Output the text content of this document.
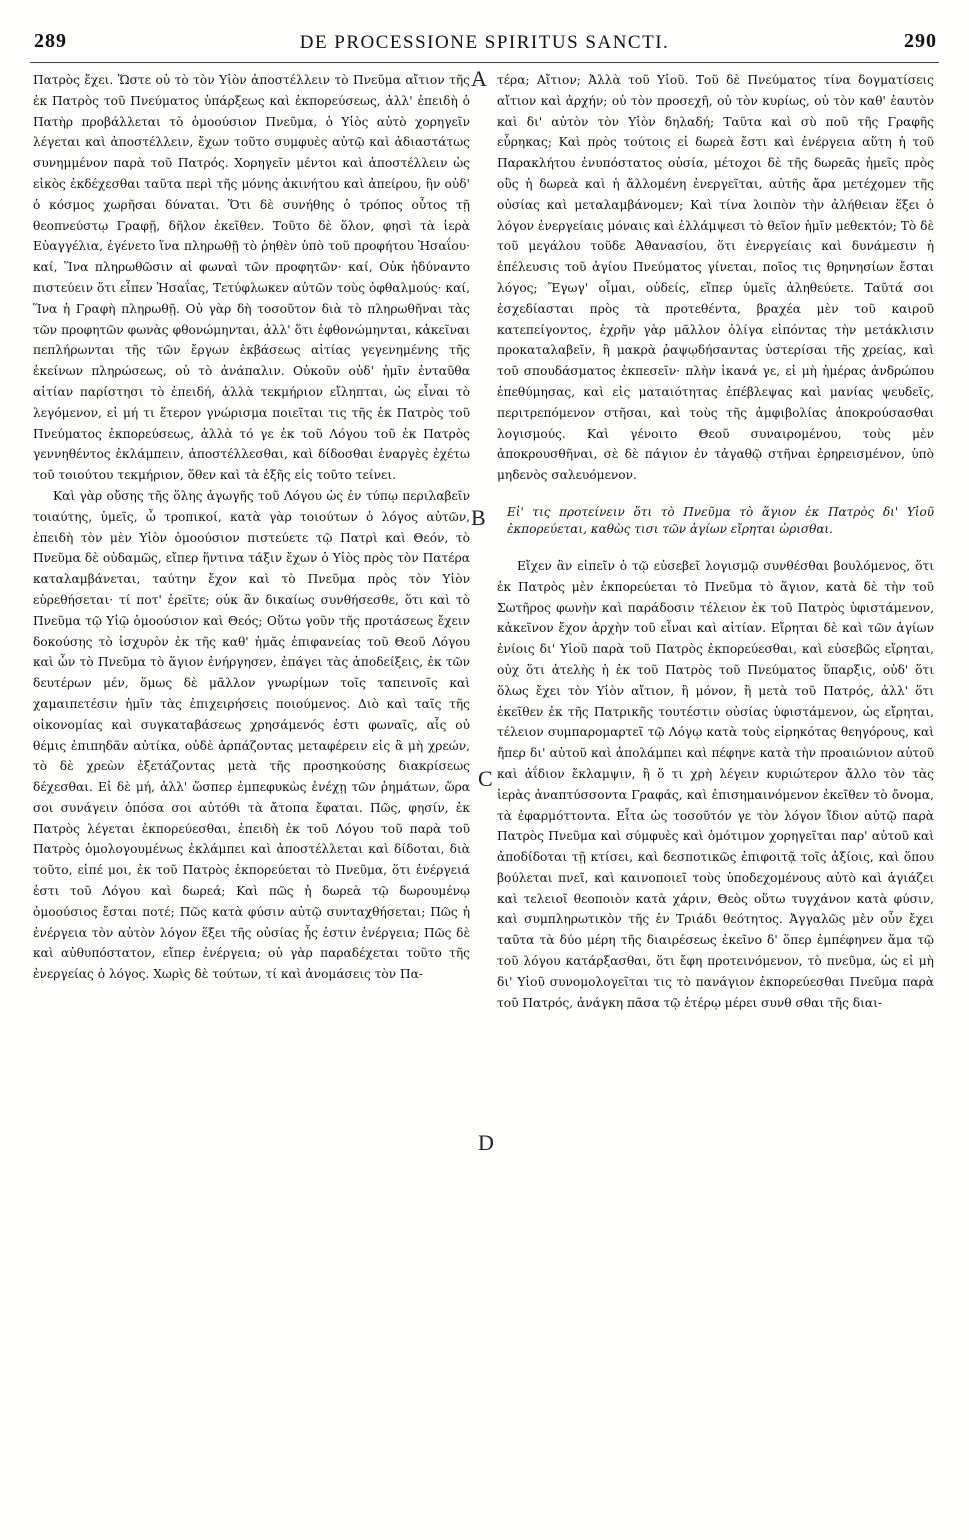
289	DE PROCESSIONE SPIRITUS SANCTI.	290
A
B
C
D

Πατρὸς ἔχει. Ὥστε οὐ τὸ τὸν Υἱὸν ἀποστέλλειν τὸ Πνεῦμα αἴτιον τῆς ἐκ Πατρὸς τοῦ Πνεύματος ὑπάρξεως καὶ ἐκπορεύσεως, ἀλλ' ἐπειδὴ ὁ Πατὴρ προβάλλεται τὸ ὁμοούσιον Πνεῦμα, ὁ Υἱὸς αὐτὸ χορηγεῖν λέγεται καὶ ἀποστέλλειν, ἔχων τοῦτο συμφυὲς αὐτῷ καὶ ἀδιαστάτως συνημμένον παρὰ τοῦ Πατρός. Χορηγεῖν μέντοι καὶ ἀποστέλλειν ὡς εἰκὸς ἐκδέχεσθαι ταῦτα περὶ τῆς μόνης ἀκινήτου καὶ ἀπείρου, ἣν οὐδ' ὁ κόσμος χωρῆσαι δύναται. Ὅτι δὲ συνήθης ὁ τρόπος οὗτος τῇ θεοπνεύστῳ Γραφῇ, δῆλον ἐκεῖθεν. Τοῦτο δὲ ὅλον, φησὶ τὰ ἱερὰ Εὐαγγέλια, ἐγένετο ἵνα πληρωθῇ τὸ ῥηθὲν ὑπὸ τοῦ προφήτου Ἡσαΐου· καί, Ἵνα πληρωθῶσιν αἱ φωναὶ τῶν προφητῶν· καί, Οὐκ ἠδύναντο πιστεύειν ὅτι εἶπεν Ἡσαΐας, Τετύφλωκεν αὐτῶν τοὺς ὀφθαλμούς· καί, Ἵνα ἡ Γραφὴ πληρωθῇ. Οὐ γὰρ δὴ τοσοῦτον διὰ τὸ πληρωθῆναι τὰς τῶν προφητῶν φωνὰς φθονώμηνται, ἀλλ' ὅτι ἐφθονώμηνται, κἀκεῖναι πεπλήρωνται τῆς τῶν ἔργων ἐκβάσεως αἰτίας γεγενημένης τῆς ἐκείνων πληρώσεως, οὐ τὸ ἀνάπαλιν. Οὐκοῦν οὐδ' ἡμῖν ἐνταῦθα αἰτίαν παρίστησι τὸ ἐπειδή, ἀλλὰ τεκμήριον εἴληπται, ὡς εἶναι τὸ λεγόμενον, εἰ μή τι ἕτερον γνώρισμα ποιεῖται τις τῆς ἐκ Πατρὸς τοῦ Πνεύματος ἐκπορεύσεως, ἀλλὰ τό γε ἐκ τοῦ Λόγου τοῦ ἐκ Πατρὸς γεννηθέντος ἐκλάμπειν, ἀποστέλλεσθαι, καὶ δίδοσθαι ἐναργὲς ἐχέτω τοῦ τοιούτου τεκμήριον, ὅθεν καὶ τὰ ἑξῆς εἰς τοῦτο τείνει.

Καὶ γὰρ οὔσης τῆς ὅλης ἀγωγῆς τοῦ Λόγου ὡς ἐν τύπῳ περιλαβεῖν τοιαύτης, ὑμεῖς, ὦ τροπικοί, κατὰ γὰρ τοιούτων ὁ λόγος αὐτῶν, ἐπειδὴ τὸν μὲν Υἱὸν ὁμοούσιον πιστεύετε τῷ Πατρὶ καὶ Θεόν, τὸ Πνεῦμα δὲ οὐδαμῶς, εἴπερ ἥντινα τάξιν ἔχων ὁ Υἱὸς πρὸς τὸν Πατέρα καταλαμβάνεται, ταύτην ἔχον καὶ τὸ Πνεῦμα πρὸς τὸν Υἱὸν εὑρεθήσεται· τί ποτ' ἐρεῖτε; οὐκ ἂν δικαίως συνθήσεσθε, ὅτι καὶ τὸ Πνεῦμα τῷ Υἱῷ ὁμοούσιον καὶ Θεός; Οὕτω γοῦν τῆς προτάσεως ἔχειν δοκούσης τὸ ἰσχυρὸν ἐκ τῆς καθ' ἡμᾶς ἐπιφανείας τοῦ Θεοῦ Λόγου καὶ ὧν τὸ Πνεῦμα τὸ ἅγιον ἐνήργησεν, ἐπάγει τὰς ἀποδείξεις, ἐκ τῶν δευτέρων μέν, ὅμως δὲ μᾶλλον γνωρίμων τοῖς ταπεινοῖς καὶ χαμαιπετέσιν ἡμῖν τὰς ἐπιχειρήσεις ποιούμενος. Διὸ καὶ ταῖς τῆς οἰκονομίας καὶ συγκαταβάσεως χρησάμενός ἐστι φωναῖς, αἷς οὐ θέμις ἐπιπηδᾶν αὐτίκα, οὐδὲ ἁρπάζοντας μεταφέρειν εἰς ἃ μὴ χρεών, τὸ δὲ χρεὼν ἐξετάζοντας μετὰ τῆς προσηκούσης διακρίσεως δέχεσθαι. Εἰ δὲ μή, ἀλλ' ὥσπερ ἐμπεφυκὼς ἐνέχῃ τῶν ῥημάτων, ὥρα σοι συνάγειν ὁπόσα σοι αὐτόθι τὰ ἄτοπα ἔφαται. Πῶς, φησίν, ἐκ Πατρὸς λέγεται ἐκπορεύεσθαι, ἐπειδὴ ἐκ τοῦ Λόγου τοῦ παρὰ τοῦ Πατρὸς ὁμολογουμένως ἐκλάμπει καὶ ἀποστέλλεται καὶ δίδοται, διὰ τοῦτο, εἰπέ μοι, ἐκ τοῦ Πατρὸς ἐκπορεύεται τὸ Πνεῦμα, ὅτι ἐνέργειά ἐστι τοῦ Λόγου καὶ δωρεά; Καὶ πῶς ἡ δωρεὰ τῷ δωρουμένῳ ὁμοούσιος ἔσται ποτέ; Πῶς κατὰ φύσιν αὐτῷ συνταχθήσεται; Πῶς ἡ ἐνέργεια τὸν αὐτὸν λόγον ἕξει τῆς οὐσίας ἧς ἐστιν ἐνέργεια; Πῶς δὲ καὶ αὐθυπόστατον, εἴπερ ἐνέργεια; οὐ γὰρ παραδέχεται τοῦτο τῆς ἐνεργείας ὁ λόγος. Χωρὶς δὲ τούτων, τί καὶ ἀνομάσεις τὸν Πα-

τέρα; Αἴτιον; Ἀλλὰ τοῦ Υἱοῦ. Τοῦ δὲ Πνεύματος τίνα δογματίσεις αἴτιον καὶ ἀρχήν; οὐ τὸν προσεχῆ, οὐ τὸν κυρίως, οὐ τὸν καθ' ἑαυτὸν καὶ δι' αὐτὸν τὸν Υἱὸν δηλαδή; Ταῦτα καὶ σὺ ποῦ τῆς Γραφῆς εὗρηκας; Καὶ πρὸς τούτοις εἰ δωρεὰ ἔστι καὶ ἐνέργεια αὕτη ἡ τοῦ Παρακλήτου ἐνυπόστατος οὐσία, μέτοχοι δὲ τῆς δωρεᾶς ἡμεῖς πρὸς οὓς ἡ δωρεὰ καὶ ἡ ἄλλομένη ἐνεργεῖται, αὐτῆς ἄρα μετέχομεν τῆς οὐσίας καὶ μεταλαμβάνομεν; Καὶ τίνα λοιπὸν τὴν ἀλήθειαν ἕξει ὁ λόγον ἐνεργείαις μόναις καὶ ἐλλάμψεσι τὸ θεῖον ἡμῖν μεθεκτόν; Τὸ δὲ τοῦ μεγάλου τοῦδε Ἀθανασίου, ὅτι ἐνεργείαις καὶ δυνάμεσιν ἡ ἐπέλευσις τοῦ ἁγίου Πνεύματος γίνεται, ποῖος τις θρηνησίων ἔσται λόγος; Ἔγωγ' οἶμαι, οὐδείς, εἴπερ ὑμεῖς ἀληθεύετε. Ταῦτά σοι ἐσχεδίασται πρὸς τὰ προτεθέντα, βραχέα μὲν τοῦ καιροῦ κατεπείγοντος, ἐχρῆν γὰρ μᾶλλον ὀλίγα εἰπόντας τὴν μετάκλισιν προκαταλαβεῖν, ἢ μακρὰ ῥαψῳδήσαντας ὑστερίσαι τῆς χρείας, καὶ τοῦ σπουδάσματος ἐκπεσεῖν· πλὴν ἱκανά γε, εἰ μὴ ἡμέρας ἀνδρώπου ἐπεθύμησας, καὶ εἰς ματαιότητας ἐπέβλεψας καὶ μανίας ψευδεῖς, περιτρεπόμενον στῆσαι, καὶ τοὺς τῆς ἀμφιβολίας ἀποκρούσασθαι λογισμούς. Καὶ γένοιτο Θεοῦ συναιρομένου, τοὺς μὲν ἀποκρουσθῆναι, σὲ δὲ πάγιον ἐν τἀγαθῷ στῆναι ἐρηρεισμένον, ὑπὸ μηδενὸς σαλευόμενον.

Εἰ' τις προτείνειν ὅτι τὸ Πνεῦμα τὸ ἅγιον ἐκ Πατρὸς δι' Υἱοῦ ἐκπορεύεται, καθὼς τισι τῶν ἁγίων εἴρηται ὡρισθαι.

Εἴχεν ἂν εἰπεῖν ὁ τῷ εὐσεβεῖ λογισμῷ συνθέσθαι βουλόμενος, ὅτι ἐκ Πατρὸς μὲν ἐκπορεύεται τὸ Πνεῦμα τὸ ἅγιον, κατὰ δὲ τὴν τοῦ Σωτῆρος φωνὴν καὶ παράδοσιν τέλειον ἐκ τοῦ Πατρὸς ὑφιστάμενον, κἀκεῖνον ἔχον ἀρχὴν τοῦ εἶναι καὶ αἰτίαν. Εἴρηται δὲ καὶ τῶν ἁγίων ἐνίοις δι' Υἱοῦ παρὰ τοῦ Πατρὸς ἐκπορεύεσθαι, καὶ εὐσεβῶς εἴρηται, οὐχ ὅτι ἀτελὴς ἡ ἐκ τοῦ Πατρὸς τοῦ Πνεύματος ὕπαρξις, οὐδ' ὅτι ὅλως ἔχει τὸν Υἱὸν αἴτιον, ἢ μόνον, ἢ μετὰ τοῦ Πατρός, ἀλλ' ὅτι ἐκεῖθεν ἐκ τῆς Πατρικῆς τουτέστιν οὐσίας ὑφιστάμενον, ὡς εἴρηται, τέλειον συμπαρομαρτεῖ τῷ Λόγῳ κατὰ τοὺς εἰρηκότας θεηγόρους, καὶ ἤπερ δι' αὐτοῦ καὶ ἀπολάμπει καὶ πέφηνε κατὰ τὴν προαιώνιον αὐτοῦ καὶ ἀΐδιον ἔκλαμψιν, ἢ ὅ τι χρὴ λέγειν κυριώτερον ἄλλο τὸν τὰς ἱερὰς ἀναπτύσσοντα Γραφάς, καὶ ἐπισημαινόμενον ἐκεῖθεν τὸ ὄνομα, τὰ ἐφαρμόττοντα. Εἶτα ὡς τοσοῦτόν γε τὸν λόγον ἴδιον αὐτῷ παρὰ Πατρὸς Πνεῦμα καὶ σύμφυὲς καὶ ὁμότιμον χορηγεῖται παρ' αὐτοῦ καὶ ἀποδίδοται τῇ κτίσει, καὶ δεσποτικῶς ἐπιφοιτᾷ τοῖς ἀξίοις, καὶ ὅπου βούλεται πνεῖ, καὶ καινοποιεῖ τοὺς ὑποδεχομένους αὐτὸ καὶ ἁγιάζει καὶ τελειοῖ θεοποιὸν κατὰ χάριν, Θεὸς οὕτω τυγχάνον κατὰ φύσιν, καὶ συμπληρωτικὸν τῆς ἐν Τριάδι θεότητος. Ἀγγαλῶς μὲν οὖν ἔχει ταῦτα τὰ δύο μέρη τῆς διαιρέσεως ἐκεῖνο δ' ὅπερ ἐμπέφηνεν ἅμα τῷ τοῦ λόγου κατάρξασθαι, ὅτι ἔφη προτεινόμενον, τὸ πνεῦμα, ὡς εἰ μὴ δι' Υἱοῦ συνομολογεῖται τις τὸ πανάγιον ἐκπορεύεσθαι Πνεῦμα παρὰ τοῦ Πατρός, ἀνάγκη πᾶσα τῷ ἑτέρῳ μέρει συνθ σθαι τῆς διαι-
